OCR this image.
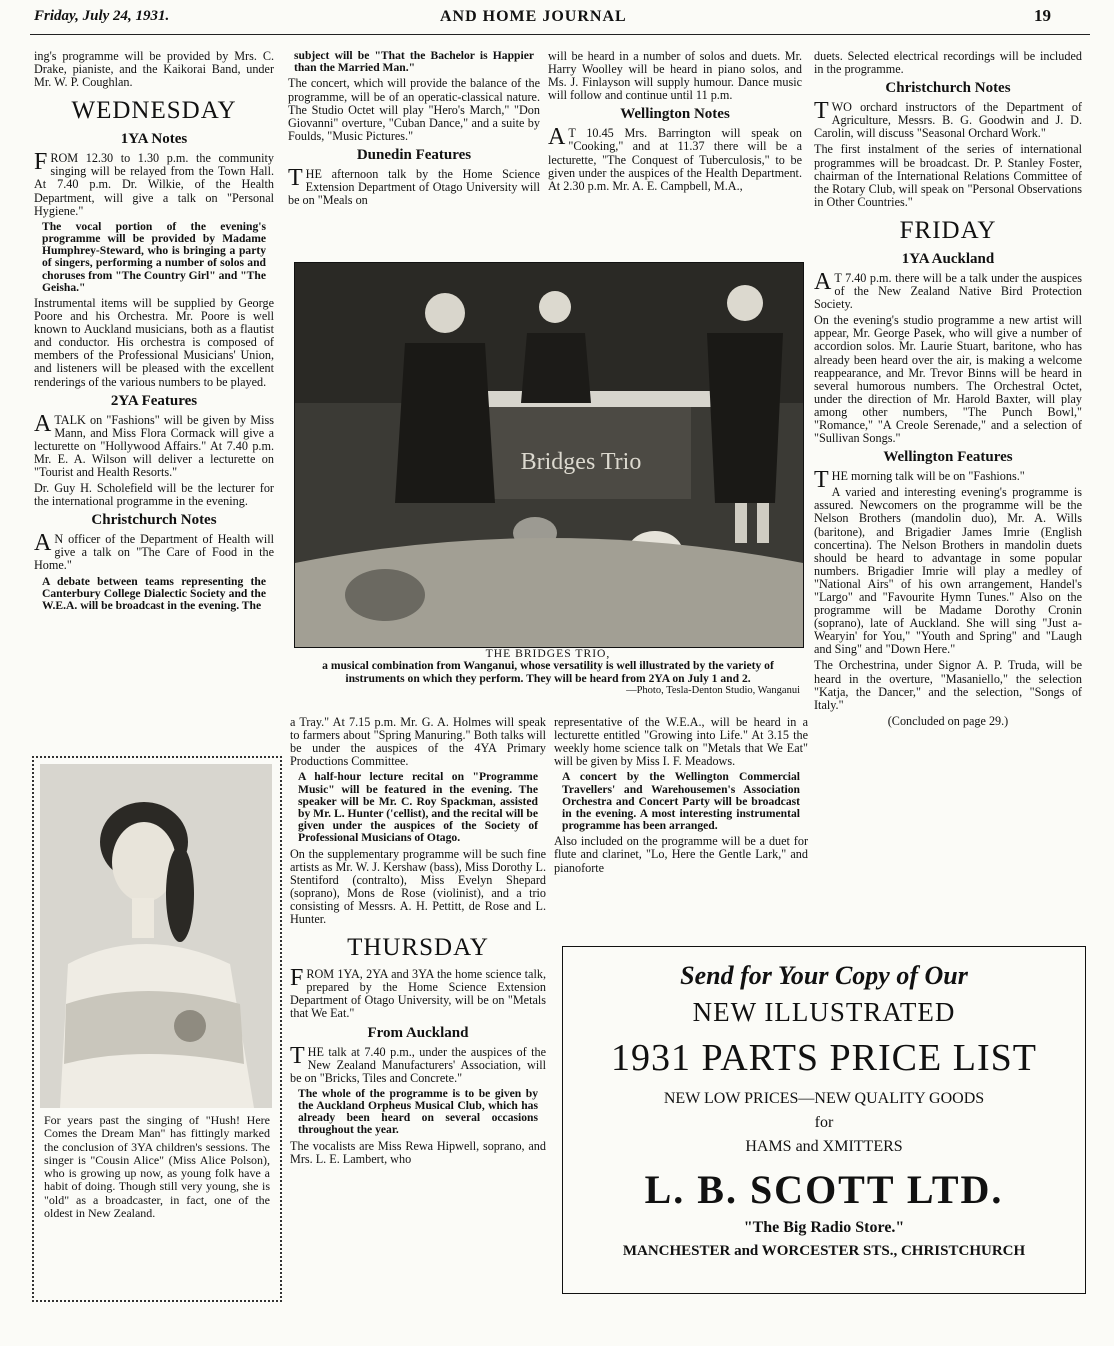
Friday, July 24, 1931.	AND HOME JOURNAL	19

ing's programme will be provided by Mrs. C. Drake, pianiste, and the Kaikorai Band, under Mr. W. P. Coughlan.

WEDNESDAY
1YA Notes

FROM 12.30 to 1.30 p.m. the community singing will be relayed from the Town Hall. At 7.40 p.m. Dr. Wilkie, of the Health Department, will give a talk on "Personal Hygiene."

The vocal portion of the evening's programme will be provided by Madame Humphrey-Steward, who is bringing a party of singers, performing a number of solos and choruses from "The Country Girl" and "The Geisha."

Instrumental items will be supplied by George Poore and his Orchestra. Mr. Poore is well known to Auckland musicians, both as a flautist and conductor. His orchestra is composed of members of the Professional Musicians' Union, and listeners will be pleased with the excellent renderings of the various numbers to be played.

2YA Features

ATALK on "Fashions" will be given by Miss Mann, and Miss Flora Cormack will give a lecturette on "Hollywood Affairs." At 7.40 p.m. Mr. E. A. Wilson will deliver a lecturette on "Tourist and Health Resorts."

Dr. Guy H. Scholefield will be the lecturer for the international programme in the evening.

Christchurch Notes

A N officer of the Department of Health will give a talk on "The Care of Food in the Home."

A debate between teams representing the Canterbury College Dialectic Society and the W.E.A. will be broadcast in the evening. The

For years past the singing of "Hush! Here Comes the Dream Man" has fittingly marked the conclusion of 3YA children's sessions. The singer is "Cousin Alice" (Miss Alice Polson), who is growing up now, as young folk have a habit of doing. Though still very young, she is "old" as a broadcaster, in fact, one of the oldest in New Zealand.

subject will be "That the Bachelor is Happier than the Married Man."

The concert, which will provide the balance of the programme, will be of an operatic-classical nature. The Studio Octet will play "Hero's March," "Don Giovanni" overture, "Cuban Dance," and a suite by Foulds, "Music Pictures."

Dunedin Features

THE afternoon talk by the Home Science Extension Department of Otago University will be on "Meals on

will be heard in a number of solos and duets. Mr. Harry Woolley will be heard in piano solos, and Ms. J. Finlayson will supply humour. Dance music will follow and continue until 11 p.m.

Wellington Notes

A T 10.45 Mrs. Barrington will speak on "Cooking," and at 11.37 there will be a lecturette, "The Conquest of Tuberculosis," to be given under the auspices of the Health Department. At 2.30 p.m. Mr. A. E. Campbell, M.A.,

Bridges Trio
THE BRIDGES TRIO,
a musical combination from Wanganui, whose versatility is well illustrated by the variety of instruments on which they perform. They will be heard from 2YA on July 1 and 2.
—Photo, Tesla-Denton Studio, Wanganui

a Tray." At 7.15 p.m. Mr. G. A. Holmes will speak to farmers about "Spring Manuring." Both talks will be under the auspices of the 4YA Primary Productions Committee.

A half-hour lecture recital on "Programme Music" will be featured in the evening. The speaker will be Mr. C. Roy Spackman, assisted by Mr. L. Hunter ('cellist), and the recital will be given under the auspices of the Society of Professional Musicians of Otago.

On the supplementary programme will be such fine artists as Mr. W. J. Kershaw (bass), Miss Dorothy L. Stentiford (contralto), Miss Evelyn Shepard (soprano), Mons de Rose (violinist), and a trio consisting of Messrs. A. H. Pettitt, de Rose and L. Hunter.

THURSDAY

FROM 1YA, 2YA and 3YA the home science talk, prepared by the Home Science Extension Department of Otago University, will be on "Metals that We Eat."

From Auckland

THE talk at 7.40 p.m., under the auspices of the New Zealand Manufacturers' Association, will be on "Bricks, Tiles and Concrete."

The whole of the programme is to be given by the Auckland Orpheus Musical Club, which has already been heard on several occasions throughout the year.

The vocalists are Miss Rewa Hipwell, soprano, and Mrs. L. E. Lambert, who

representative of the W.E.A., will be heard in a lecturette entitled "Growing into Life." At 3.15 the weekly home science talk on "Metals that We Eat" will be given by Miss I. F. Meadows.

A concert by the Wellington Commercial Travellers' and Warehousemen's Association Orchestra and Concert Party will be broadcast in the evening. A most interesting instrumental programme has been arranged.

Also included on the programme will be a duet for flute and clarinet, "Lo, Here the Gentle Lark," and pianoforte

duets. Selected electrical recordings will be included in the programme.

Christchurch Notes

TWO orchard instructors of the Department of Agriculture, Messrs. B. G. Goodwin and J. D. Carolin, will discuss "Seasonal Orchard Work."

The first instalment of the series of international programmes will be broadcast. Dr. P. Stanley Foster, chairman of the International Relations Committee of the Rotary Club, will speak on "Personal Observations in Other Countries."

FRIDAY
1YA Auckland

A T 7.40 p.m. there will be a talk under the auspices of the New Zealand Native Bird Protection Society.

On the evening's studio programme a new artist will appear, Mr. George Pasek, who will give a number of accordion solos. Mr. Laurie Stuart, baritone, who has already been heard over the air, is making a welcome reappearance, and Mr. Trevor Binns will be heard in several humorous numbers. The Orchestral Octet, under the direction of Mr. Harold Baxter, will play among other numbers, "The Punch Bowl," "Romance," "A Creole Serenade," and a selection of "Sullivan Songs."

Wellington Features

THE morning talk will be on "Fashions."

A varied and interesting evening's programme is assured. Newcomers on the programme will be the Nelson Brothers (mandolin duo), Mr. A. Wills (baritone), and Brigadier James Imrie (English concertina). The Nelson Brothers in mandolin duets should be heard to advantage in some popular numbers. Brigadier Imrie will play a medley of "National Airs" of his own arrangement, Handel's "Largo" and "Favourite Hymn Tunes." Also on the programme will be Madame Dorothy Cronin (soprano), late of Auckland. She will sing "Just a-Wearyin' for You," "Youth and Spring" and "Laugh and Sing" and "Down Here."

The Orchestrina, under Signor A. P. Truda, will be heard in the overture, "Masaniello," the selection "Katja, the Dancer," and the selection, "Songs of Italy."

(Concluded on page 29.)

Send for Your Copy of Our
NEW ILLUSTRATED
1931 PARTS PRICE LIST
NEW LOW PRICES—NEW QUALITY GOODS
for
HAMS and XMITTERS
L. B. SCOTT LTD.
"The Big Radio Store."
MANCHESTER and WORCESTER STS., CHRISTCHURCH
